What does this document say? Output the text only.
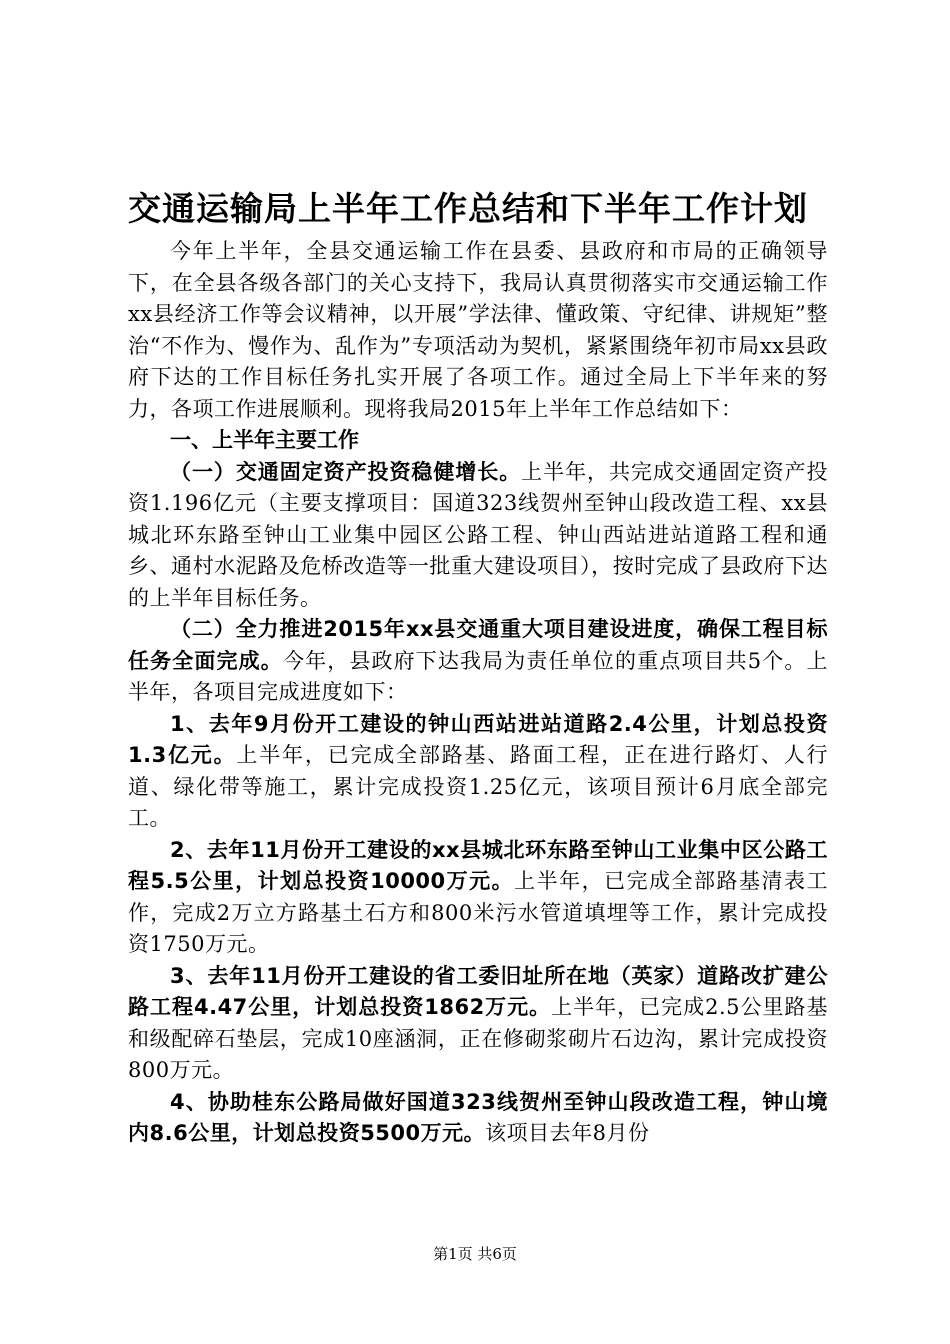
交通运输局上半年工作总结和下半年工作计划

今年上半年，全县交通运输工作在县委、县政府和市局的正确领导下，在全县各级各部门的关心支持下，我局认真贯彻落实市交通运输工作xx县经济工作等会议精神，以开展”学法律、懂政策、守纪律、讲规矩”整治“不作为、慢作为、乱作为”专项活动为契机，紧紧围绕年初市局xx县政府下达的工作目标任务扎实开展了各项工作。通过全局上下半年来的努力，各项工作进展顺利。现将我局2015年上半年工作总结如下：

一、上半年主要工作

（一）交通固定资产投资稳健增长。上半年，共完成交通固定资产投资1.196亿元（主要支撑项目：国道323线贺州至钟山段改造工程、xx县城北环东路至钟山工业集中园区公路工程、钟山西站进站道路工程和通乡、通村水泥路及危桥改造等一批重大建设项目），按时完成了县政府下达的上半年目标任务。

（二）全力推进2015年xx县交通重大项目建设进度，确保工程目标任务全面完成。今年，县政府下达我局为责任单位的重点项目共5个。上半年，各项目完成进度如下：

1、去年9月份开工建设的钟山西站进站道路2.4公里，计划总投资1.3亿元。上半年，已完成全部路基、路面工程，正在进行路灯、人行道、绿化带等施工，累计完成投资1.25亿元，该项目预计6月底全部完工。

2、去年11月份开工建设的xx县城北环东路至钟山工业集中区公路工程5.5公里，计划总投资10000万元。上半年，已完成全部路基清表工作，完成2万立方路基土石方和800米污水管道填埋等工作，累计完成投资1750万元。

3、去年11月份开工建设的省工委旧址所在地（英家）道路改扩建公路工程4.47公里，计划总投资1862万元。上半年，已完成2.5公里路基和级配碎石垫层，完成10座涵洞，正在修砌浆砌片石边沟，累计完成投资800万元。

4、协助桂东公路局做好国道323线贺州至钟山段改造工程，钟山境内8.6公里，计划总投资5500万元。该项目去年8月份

第1页 共6页
